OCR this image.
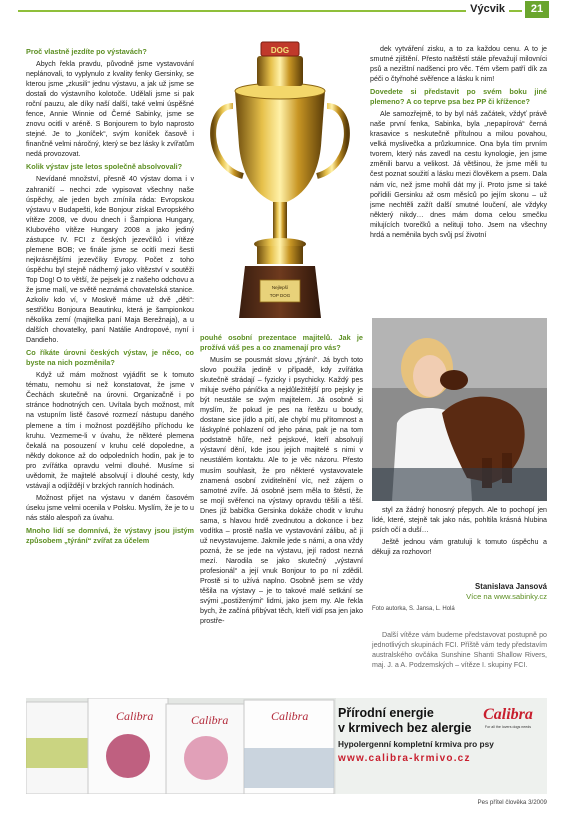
Výcvik	21
Proč vlastně jezdíte po výstavách?

Abych řekla pravdu, původně jsme vystavování neplánovali, to vyplynulo z kvality fenky Gersinky, se kterou jsme „zkusili“ jednu výstavu, a jak už jsme se dostali do výstavního kolotoče. Udělali jsme si pak roční pauzu, ale díky naší další, také velmi úspěšné fence, Annie Winnie od Černé Sabinky, jsme se znovu ocitli v aréně. S Bonjourem to bylo naprosto stejné. Je to „koníček“, svým koníček časově i finančně velmi náročný, který se bez lásky k zvířatům nedá provozovat.

Kolik výstav jste letos společně absolvovali?

Nevídané množství, přesně 40 výstav doma i v zahraničí – nechci zde vypisovat všechny naše úspěchy, ale jeden bych zmínila ráda: Evropskou výstavu v Budapešti, kde Bonjour získal Evropského vítěze 2008, ve dvou dnech i Šampiona Hungary, Klubového vítěze Hungary 2008 a jako jediný zástupce IV. FCI z českých jezevčíků i vítěze plemene BOB; ve finále jsme se ocitli mezi šesti nejkrásnějšími jezevčíky Evropy. Počet z toho úspěchu byl stejně nádherný jako vítězství v soutěži Top Dog! O to větší, že pejsek je z našeho odchovu a že jsme malí, ve světě neznámá chovatelská stanice. Azkoliv kdo ví, v Moskvě máme už dvě „děti“: sestřičku Bonjoura Beautinku, která je šampionkou několika zemí (majitelka paní Maja Berežnaja), a u dalších chovatelky, paní Natálie Andropové, nyní i Dandieho.

Co říkáte úrovni českých výstav, je něco, co byste na nich pozměnila?

Když už mám možnost vyjádřit se k tomuto tématu, nemohu si než konstatovat, že jsme v Čechách skutečně na úrovni. Organizačně i po stránce hodnotných cen. Uvítala bych možnost, mít na vstupním listě časové rozmezí nástupu daného plemene a tím i možnost pozdějšího příchodu ke kruhu. Vezmeme-li v úvahu, že některé plemena čekalá na posouzení v kruhu celé dopoledne, a někdy dokonce až do odpoledních hodin, pak je to pro zvířátka opravdu velmi dlouhé. Musíme si uvědomit, že majitelé absolvují i dlouhé cesty, kdy vstávají a odjíždějí v brzkých ranních hodinách.

Možnost přijet na výstavu v daném časovém úseku jsme velmi ocenila v Polsku. Myslím, že je to u nás stálo alespoň za úvahu.

Mnoho lidí se domnívá, že výstavy jsou jistým způsobem „týrání“ zvířat za účelem
DOG
Nejlepší
TOP DOG
pouhé osobní prezentace majitelů. Jak je prožívá váš pes a co znamenají pro vás?

Musím se pousmát slovu „týrání“. Já bych toto slovo použila jedině v případě, kdy zvířátka skutečně strádají – fyzicky i psychicky. Každý pes miluje svého páníčka a nejdůležitější pro pejsky je být neustále se svým majitelem. Já osobně si myslím, že pokud je pes na řetězu u boudy, dostane sice jídlo a pití, ale chybí mu přítomnost a láskyplné pohlazení od jeho pána, pak je na tom podstatně hůře, než pejskové, kteří absolvují výstavní dění, kde jsou jejich majitelé s nimi v neustálém kontaktu. Ale to je věc názoru. Přesto musím souhlasit, že pro některé vystavovatele znamená osobní zviditelnění víc, než zájem o samotné zvíře. Já osobně jsem měla to štěstí, že se mojí svěřenci na výstavy opravdu těšili a těší. Dnes již babička Gersinka dokáže chodit v kruhu sama, s hlavou hrdě zvednutou a dokonce i bez vodítka – prostě našla ve vystavování zálibu, ač ji už nevystavujeme. Jakmile jede s námi, a ona vždy pozná, že se jede na výstavu, její radost nezná mezí. Narodila se jako skutečný „výstavní profesionál“ a její vnuk Bonjour to po ní zdědil. Prostě si to užívá naplno. Osobně jsem se vždy těšila na výstavy – je to takové malé setkání se svými „postiženými“ lidmi, jako jsem my. Ale řekla bych, že začíná přibývat těch, kteří vidí psa jen jako prostře-

dek vytváření zisku, a to za každou cenu. A to je smutné zjištění. Přesto naštěstí stále převažují milovníci psů a nezištní nadšenci pro věc. Tém všem patří dík za péči o čtyřnohé svěřence a lásku k nim!

Dovedete si představit po svém boku jiné plemeno? A co teprve psa bez PP či křížence?

Ale samozřejmě, to by byl náš začátek, vždyť právě naše první fenka, Sabinka, byla „nepapírová“ černá krasavice s neskutečně přítulnou a milou povahou, velká myslivečka a průzkumnice. Ona byla tím prvním tvorem, který nás zavedl na cestu kynologie, jen jsme změnili barvu a velikost. Já většinou, že jsme měli tu čest poznat soužití a lásku mezi člověkem a psem. Dala nám víc, než jsme mohli dát my jí. Proto jsme si také pořídili Gersinku až osm měsíců po jejím skonu – už jsme nechtěli zažít další smutné loučení, ale vždyky některý nikdy… dnes mám doma celou smečku milujících tvorečků a nelituji toho. Jsem na všechny hrdá a neměnila bych svůj psí životní

styl za žádný honosný přepych. Ale to pochopí jen lidé, které, stejně tak jako nás, pohltila krásná hlubina psích očí a duší…

Ještě jednou vám gratuluji k tomuto úspěchu a děkuji za rozhovor!

Stanislava Jansová
Více na www.sabinky.cz
Foto autorka, S. Jansa, L. Holá
Další vítěze vám budeme představovat postupně po jednotlivých skupinách FCI. Příště vám tedy představím australského ovčáka Sunshine Shanti Shallow Rivers, maj. J. a A. Podzemských – vítěze I. skupiny FCI.
Calibra	Calibra	Calibra	Calibra
For all the lovers dogs needs
Přírodní energie
v krmivech bez alergie
Hypolergenní kompletní krmiva pro psy
www.calibra-krmivo.cz
Pes přítel člověka 3/2009
